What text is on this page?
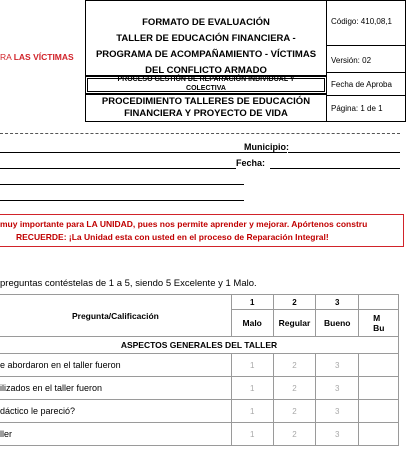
RA LAS VÍCTIMAS
FORMATO DE EVALUACIÓN
TALLER DE EDUCACIÓN FINANCIERA -
PROGRAMA DE ACOMPAÑAMIENTO - VÍCTIMAS
DEL CONFLICTO ARMADO
PROCESO GESTIÓN DE REPARACIÓN INDIVIDUAL Y
COLECTIVA
PROCEDIMIENTO TALLERES DE EDUCACIÓN
FINANCIERA Y PROYECTO DE VIDA
Código: 410,08,1
Versión: 02
Fecha de Aproba
Página: 1 de 1
Municipio:
Fecha:
muy importante para LA UNIDAD, pues nos permite aprender y mejorar. Apórtenos constru
RECUERDE: ¡La Unidad esta con usted en el proceso de Reparación Integral!
preguntas contéstelas de 1 a 5, siendo 5 Excelente y 1 Malo.
Pregunta/Calificación	1	2	3	
	Malo	Regular	Bueno	M
Bu
ASPECTOS GENERALES DEL TALLER				
e abordaron en el taller fueron	1	2	3	
ilizados en el taller fueron	1	2	3	
dáctico le pareció?	1	2	3	
ller	1	2	3	
